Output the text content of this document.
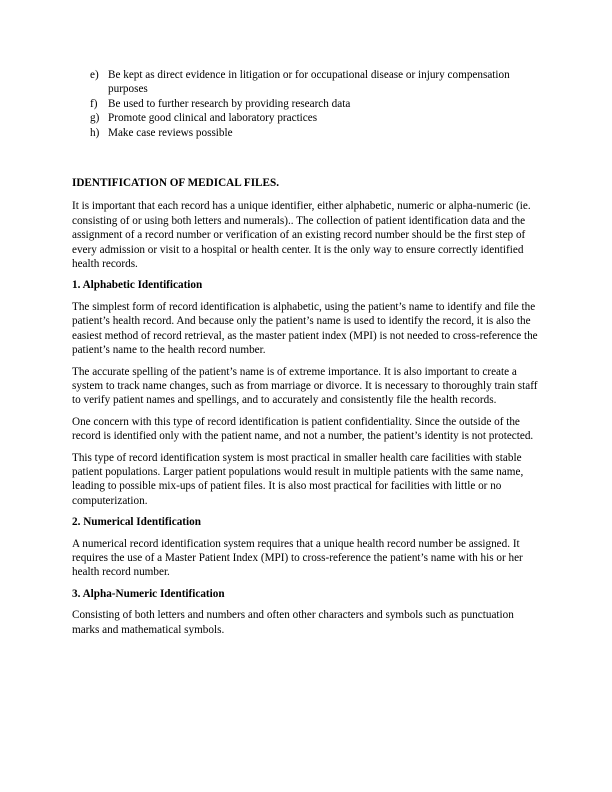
e) Be kept as direct evidence in litigation or for occupational disease or injury compensation purposes
f) Be used to further research by providing research data
g) Promote good clinical and laboratory practices
h) Make case reviews possible
IDENTIFICATION OF MEDICAL FILES.

It is important that each record has a unique identifier, either alphabetic, numeric or alpha-numeric (ie. consisting of or using both letters and numerals).. The collection of patient identification data and the assignment of a record number or verification of an existing record number should be the first step of every admission or visit to a hospital or health center. It is the only way to ensure correctly identified health records.

1. Alphabetic Identification

The simplest form of record identification is alphabetic, using the patient’s name to identify and file the patient’s health record. And because only the patient’s name is used to identify the record, it is also the easiest method of record retrieval, as the master patient index (MPI) is not needed to cross-reference the patient’s name to the health record number.

The accurate spelling of the patient’s name is of extreme importance. It is also important to create a system to track name changes, such as from marriage or divorce. It is necessary to thoroughly train staff to verify patient names and spellings, and to accurately and consistently file the health records.

One concern with this type of record identification is patient confidentiality. Since the outside of the record is identified only with the patient name, and not a number, the patient’s identity is not protected.

This type of record identification system is most practical in smaller health care facilities with stable patient populations. Larger patient populations would result in multiple patients with the same name, leading to possible mix-ups of patient files. It is also most practical for facilities with little or no computerization.

2. Numerical Identification

A numerical record identification system requires that a unique health record number be assigned. It requires the use of a Master Patient Index (MPI) to cross-reference the patient’s name with his or her health record number.

3. Alpha-Numeric Identification

Consisting of both letters and numbers and often other characters and symbols such as punctuation marks and mathematical symbols.
